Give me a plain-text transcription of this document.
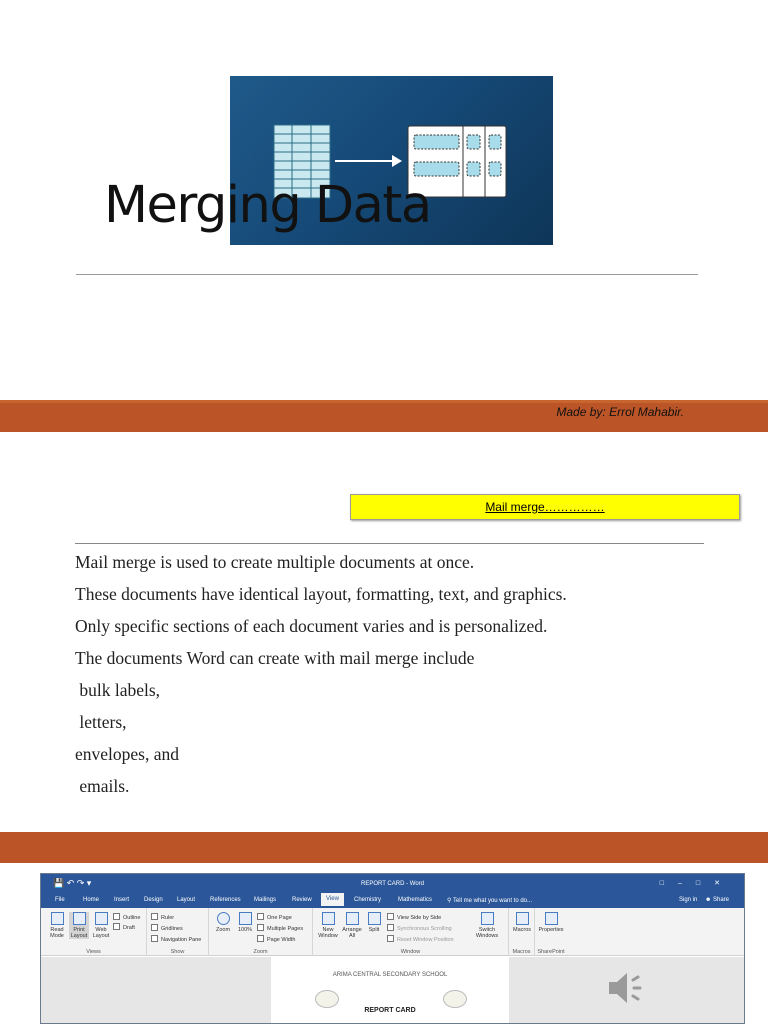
Merging Data
Made by: Errol Mahabir.
Mail merge……………
Mail merge is used to create multiple documents at once.
These documents have identical layout, formatting, text, and graphics.
Only specific sections of each document varies and is personalized.
The documents Word can create with mail merge include
bulk labels,
letters,
envelopes, and
emails.
💾 ↶ ↷ ▾	REPORT CARD - Word	□–□✕
File	Home Insert Design Layout References Mailings	Review	View	Chemistry	Mathematics ⚲ Tell me what you want to do...	Sign in ☻ Share
Read Mode
Print Layout
Web Layout
Outline
Draft
Views
Ruler
Gridlines
Navigation Pane
Show
Zoom	100%
One Page
Multiple Pages
Page Width
Zoom
New Window
Arrange All
Split
View Side by Side
Synchronous Scrolling
Reset Window Position
Switch Windows
Window
Macros
Macros
Properties
SharePoint
ARIMA CENTRAL SECONDARY SCHOOL
REPORT CARD
